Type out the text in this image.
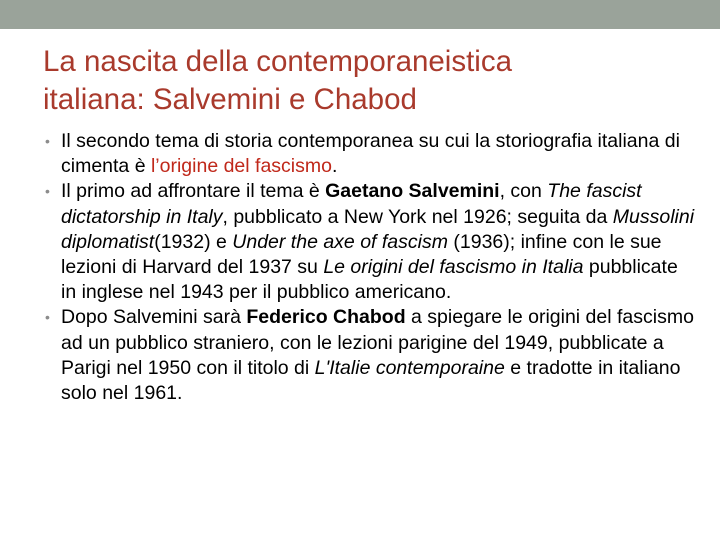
La nascita della contemporaneistica
italiana: Salvemini e Chabod
• Il secondo tema di storia contemporanea su cui la storiografia italiana di cimenta è l’origine del fascismo.
• Il primo ad affrontare il tema è Gaetano Salvemini, con The fascist dictatorship in Italy, pubblicato a New York nel 1926; seguita da Mussolini diplomatist(1932) e Under the axe of fascism (1936); infine con le sue lezioni di Harvard del 1937 su Le origini del fascismo in Italia pubblicate in inglese nel 1943 per il pubblico americano.
• Dopo Salvemini sarà Federico Chabod a spiegare le origini del fascismo ad un pubblico straniero, con le lezioni parigine del 1949, pubblicate a Parigi nel 1950 con il titolo di L'Italie contemporaine e tradotte in italiano solo nel 1961.
